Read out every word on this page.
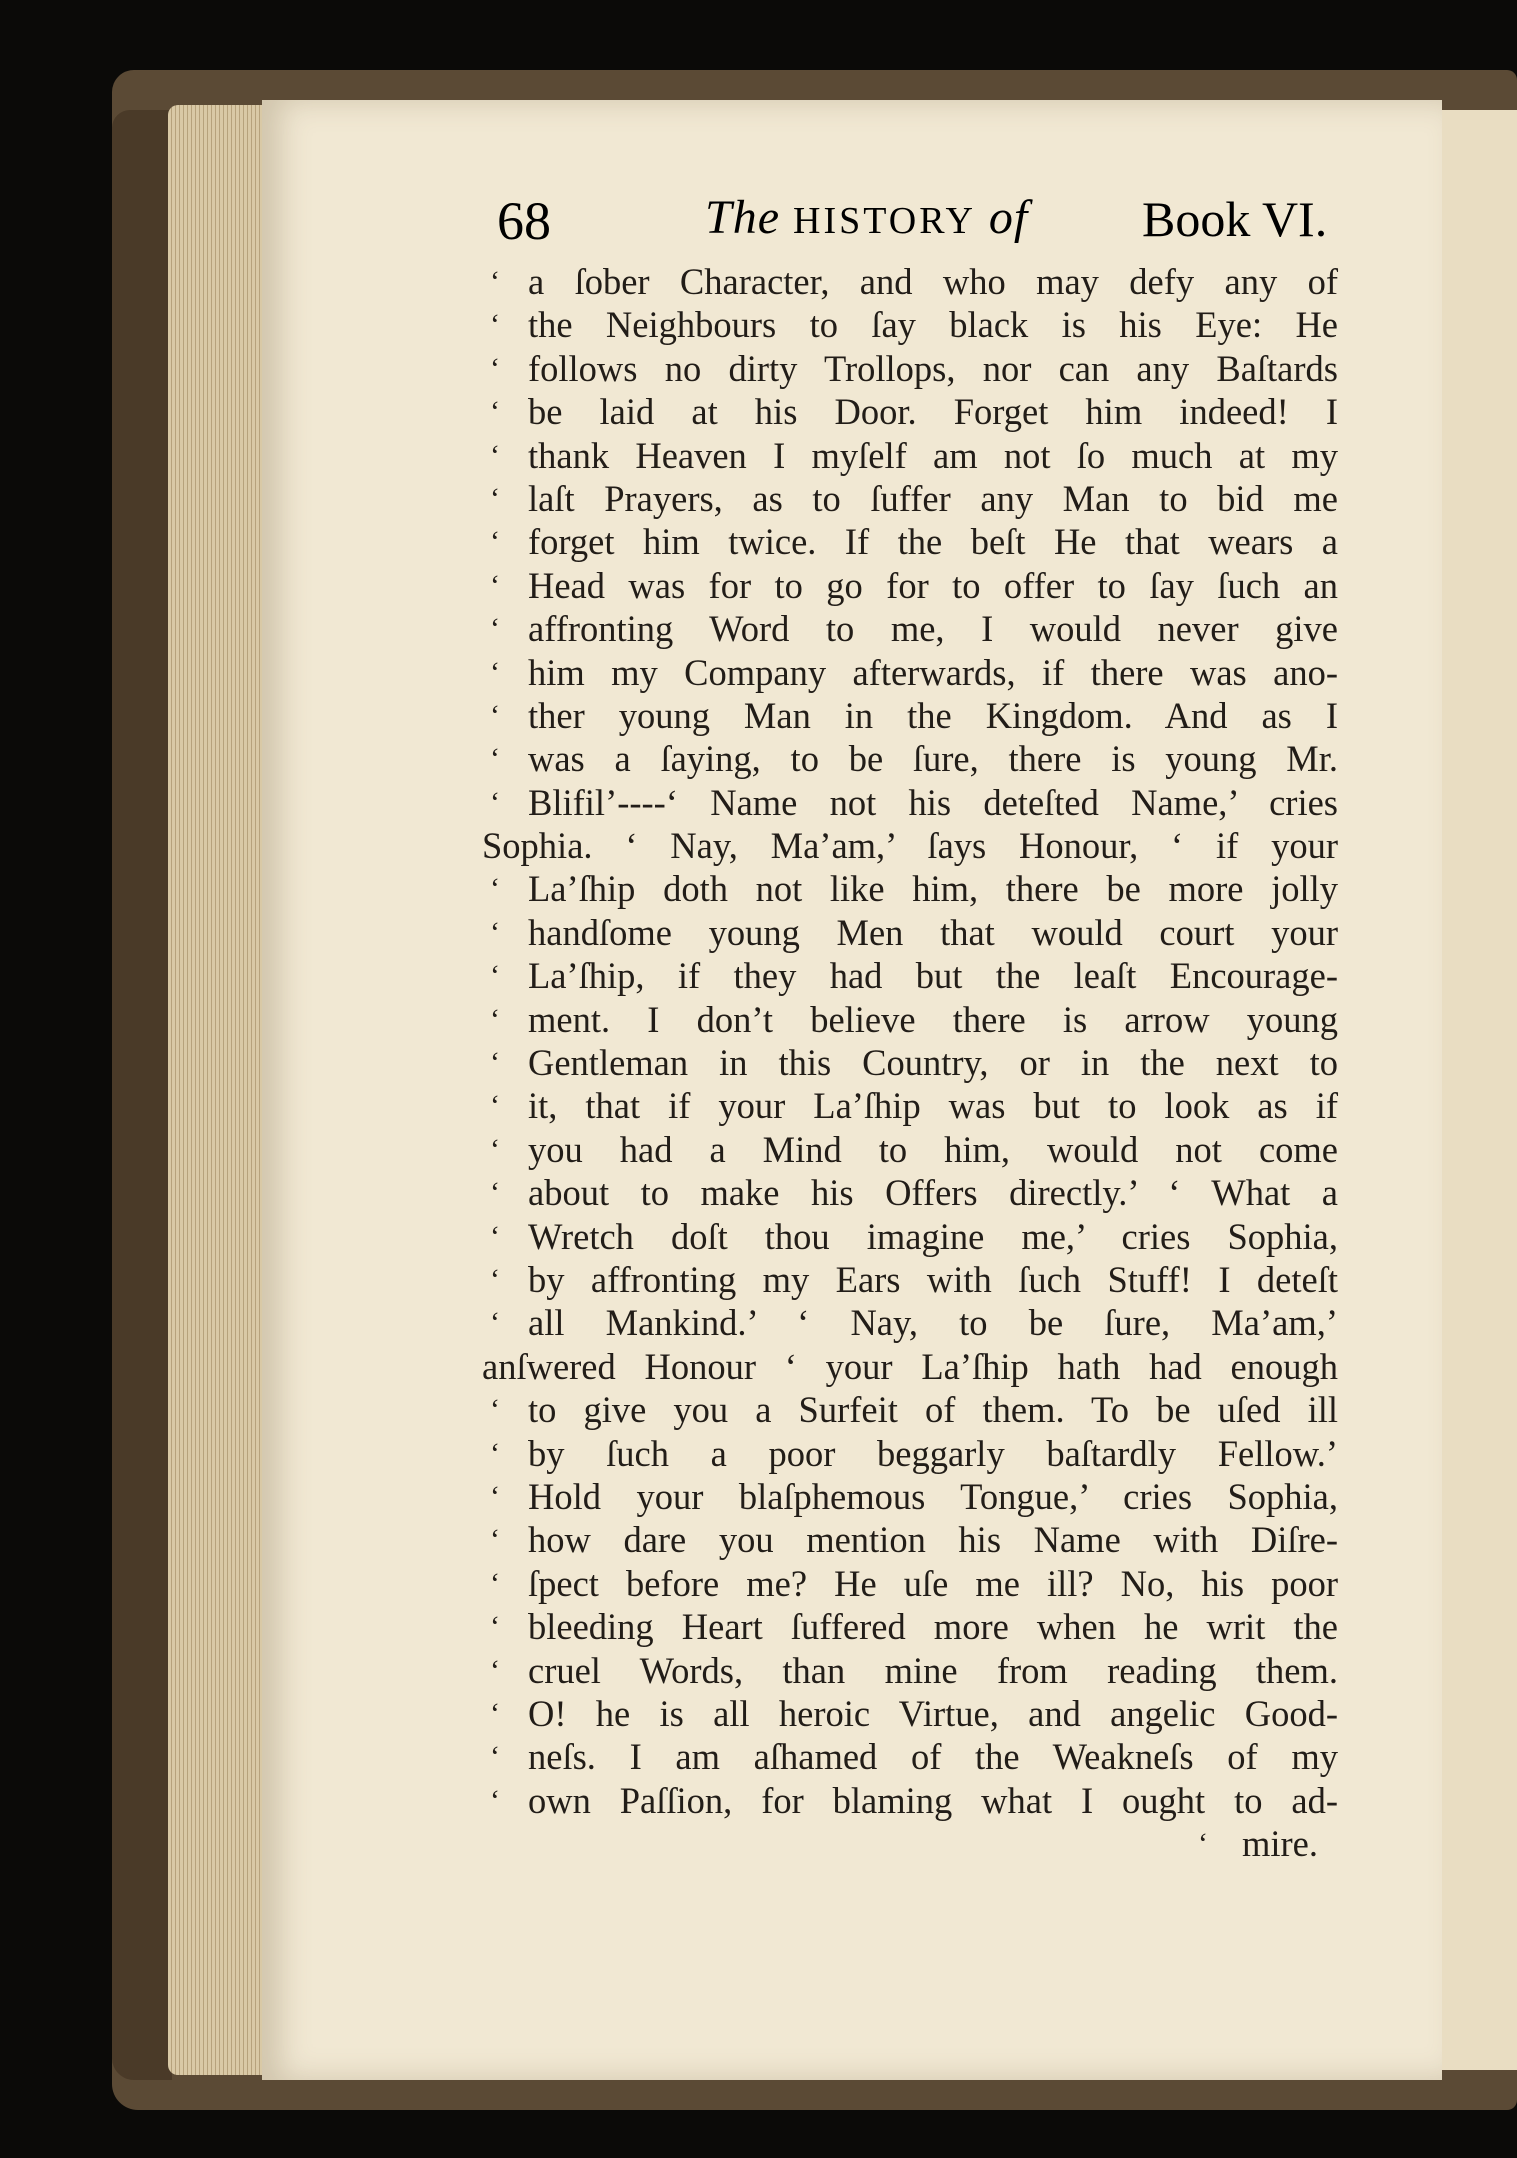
68	The HISTORY of Book VI.
‘ a ſober Character, and who may defy any of
‘ the Neighbours to ſay black is his Eye: He
‘ follows no dirty Trollops, nor can any Baſtards
‘ be laid at his Door. Forget him indeed! I
‘ thank Heaven I myſelf am not ſo much at my
‘ laſt Prayers, as to ſuffer any Man to bid me
‘ forget him twice. If the beſt He that wears a
‘ Head was for to go for to offer to ſay ſuch an
‘ affronting Word to me, I would never give
‘ him my Company afterwards, if there was ano-
‘ ther young Man in the Kingdom. And as I
‘ was a ſaying, to be ſure, there is young Mr.
‘ Blifil’----‘ Name not his deteſted Name,’ cries
Sophia. ‘ Nay, Ma’am,’ ſays Honour, ‘ if your
‘ La’ſhip doth not like him, there be more jolly
‘ handſome young Men that would court your
‘ La’ſhip, if they had but the leaſt Encourage-
‘ ment. I don’t believe there is arrow young
‘ Gentleman in this Country, or in the next to
‘ it, that if your La’ſhip was but to look as if
‘ you had a Mind to him, would not come
‘ about to make his Offers directly.’ ‘ What a
‘ Wretch doſt thou imagine me,’ cries Sophia,
‘ by affronting my Ears with ſuch Stuff! I deteſt
‘ all Mankind.’ ‘ Nay, to be ſure, Ma’am,’
anſwered Honour ‘ your La’ſhip hath had enough
‘ to give you a Surfeit of them. To be uſed ill
‘ by ſuch a poor beggarly baſtardly Fellow.’
‘ Hold your blaſphemous Tongue,’ cries Sophia,
‘ how dare you mention his Name with Diſre-
‘ ſpect before me? He uſe me ill? No, his poor
‘ bleeding Heart ſuffered more when he writ the
‘ cruel Words, than mine from reading them.
‘ O! he is all heroic Virtue, and angelic Good-
‘ neſs. I am aſhamed of the Weakneſs of my
‘ own Paſſion, for blaming what I ought to ad-
‘ mire.
